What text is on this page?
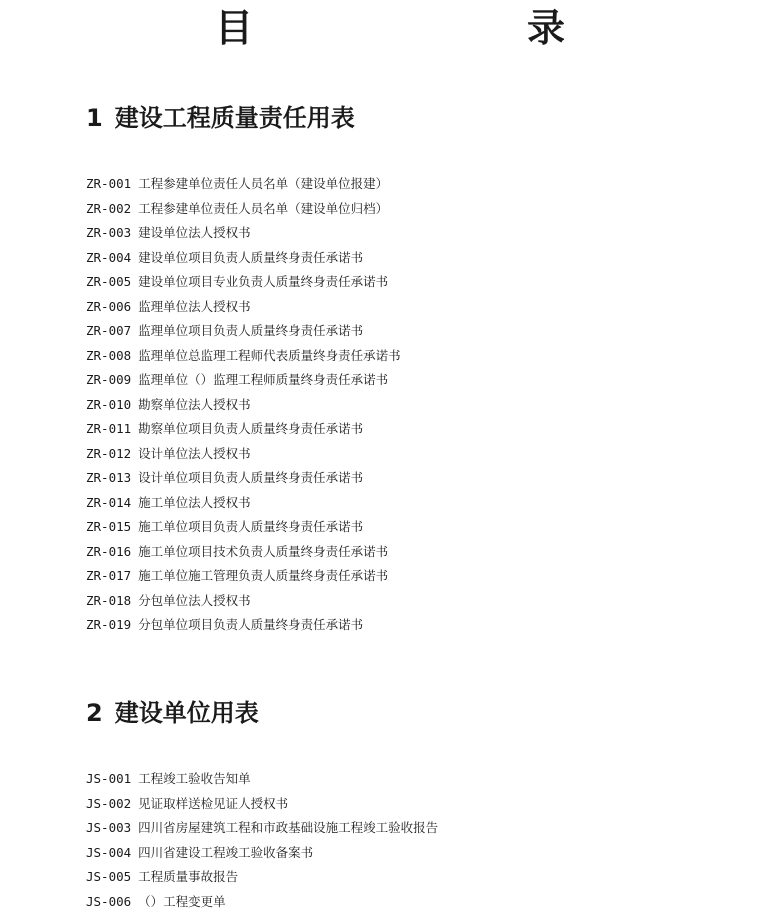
目　录
1 建设工程质量责任用表
ZR-001 工程参建单位责任人员名单（建设单位报建）
ZR-002 工程参建单位责任人员名单（建设单位归档）
ZR-003 建设单位法人授权书
ZR-004 建设单位项目负责人质量终身责任承诺书
ZR-005 建设单位项目专业负责人质量终身责任承诺书
ZR-006 监理单位法人授权书
ZR-007 监理单位项目负责人质量终身责任承诺书
ZR-008 监理单位总监理工程师代表质量终身责任承诺书
ZR-009 监理单位（）监理工程师质量终身责任承诺书
ZR-010 勘察单位法人授权书
ZR-011 勘察单位项目负责人质量终身责任承诺书
ZR-012 设计单位法人授权书
ZR-013 设计单位项目负责人质量终身责任承诺书
ZR-014 施工单位法人授权书
ZR-015 施工单位项目负责人质量终身责任承诺书
ZR-016 施工单位项目技术负责人质量终身责任承诺书
ZR-017 施工单位施工管理负责人质量终身责任承诺书
ZR-018 分包单位法人授权书
ZR-019 分包单位项目负责人质量终身责任承诺书
2 建设单位用表
JS-001 工程竣工验收告知单
JS-002 见证取样送检见证人授权书
JS-003 四川省房屋建筑工程和市政基础设施工程竣工验收报告
JS-004 四川省建设工程竣工验收备案书
JS-005 工程质量事故报告
JS-006 （）工程变更单
